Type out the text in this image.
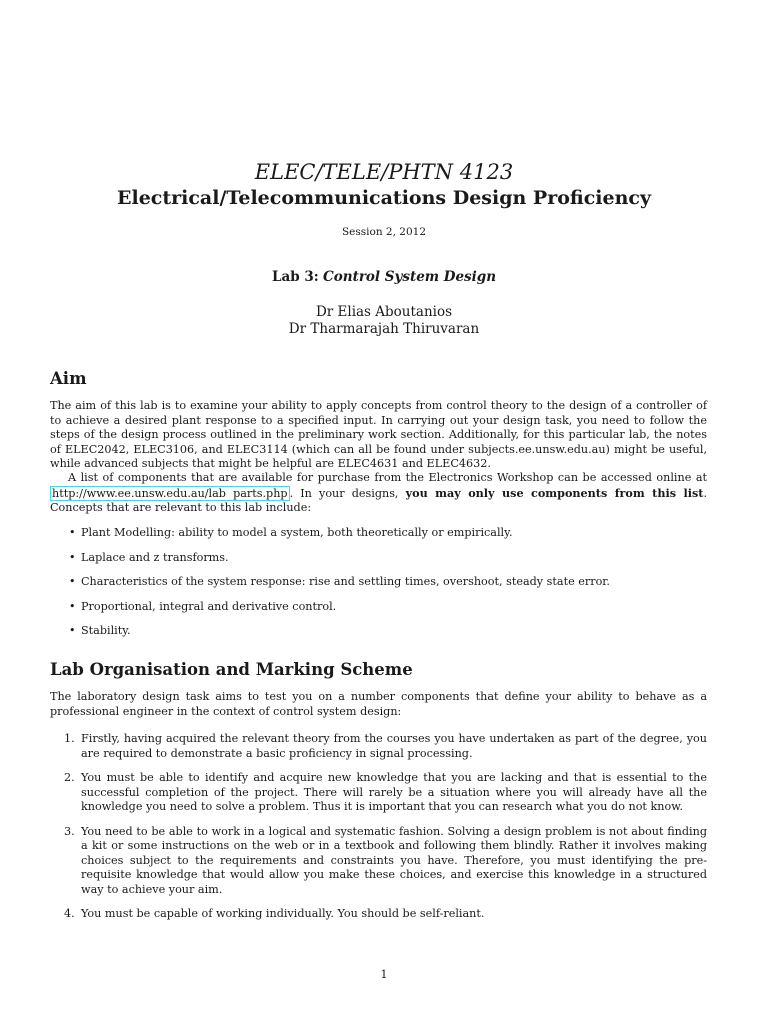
ELEC/TELE/PHTN 4123
Electrical/Telecommunications Design Proficiency
Session 2, 2012
Lab 3: Control System Design
Dr Elias Aboutanios
Dr Tharmarajah Thiruvaran
Aim

The aim of this lab is to examine your ability to apply concepts from control theory to the design of a controller of to achieve a desired plant response to a specified input. In carrying out your design task, you need to follow the steps of the design process outlined in the preliminary work section. Additionally, for this particular lab, the notes of ELEC2042, ELEC3106, and ELEC3114 (which can all be found under subjects.ee.unsw.edu.au) might be useful, while advanced subjects that might be helpful are ELEC4631 and ELEC4632.

A list of components that are available for purchase from the Electronics Workshop can be accessed online at http://www.ee.unsw.edu.au/lab parts.php . In your designs, you may only use components from this list. Concepts that are relevant to this lab include:

• Plant Modelling: ability to model a system, both theoretically or empirically.
• Laplace and z transforms.
• Characteristics of the system response: rise and settling times, overshoot, steady state error.
• Proportional, integral and derivative control.
• Stability.
Lab Organisation and Marking Scheme

The laboratory design task aims to test you on a number components that define your ability to behave as a professional engineer in the context of control system design:

1. Firstly, having acquired the relevant theory from the courses you have undertaken as part of the degree, you are required to demonstrate a basic proficiency in signal processing.
2. You must be able to identify and acquire new knowledge that you are lacking and that is essential to the successful completion of the project. There will rarely be a situation where you will already have all the knowledge you need to solve a problem. Thus it is important that you can research what you do not know.
3. You need to be able to work in a logical and systematic fashion. Solving a design problem is not about finding a kit or some instructions on the web or in a textbook and following them blindly. Rather it involves making choices subject to the requirements and constraints you have. Therefore, you must identifying the pre-requisite knowledge that would allow you make these choices, and exercise this knowledge in a structured way to achieve your aim.
4. You must be capable of working individually. You should be self-reliant.
1
